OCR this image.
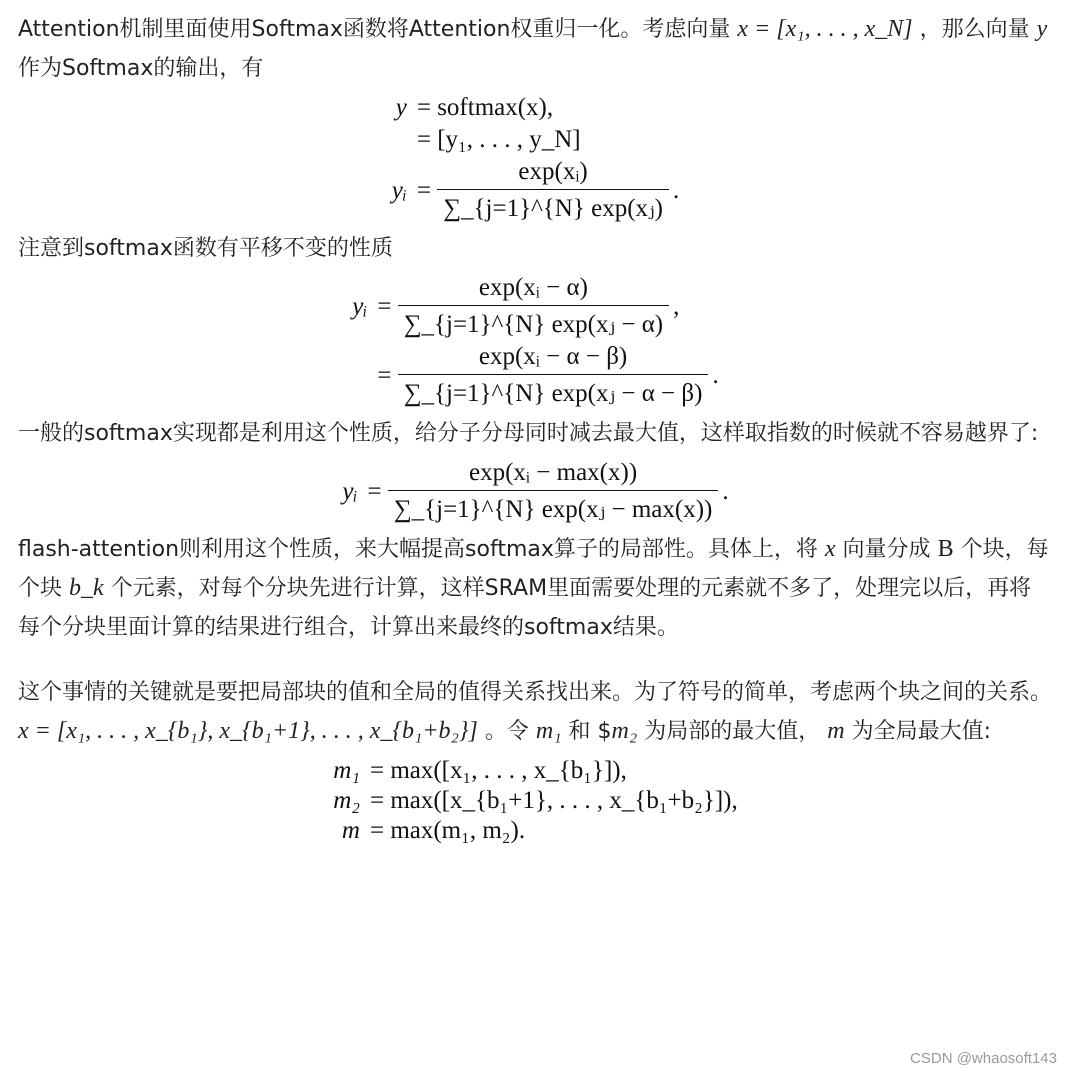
Attention机制里面使用Softmax函数将Attention权重归一化。考虑向量 x = [x₁, . . . , x_N] ，那么向量 y 作为Softmax的输出，有

y = softmax(x),
= [y₁, . . . , y_N]
yᵢ =
$\frac{\text{exp(xᵢ)}}{\text{∑\_\{j=1\}\textasciicircum{}\{N\} exp(xⱼ)}}$ .

注意到softmax函数有平移不变的性质

yᵢ =
$\frac{\text{exp(xᵢ − α)}}{\text{∑\_\{j=1\}\textasciicircum{}\{N\} exp(xⱼ − α)}}$ ,
=
$\frac{\text{exp(xᵢ − α − β)}}{\text{∑\_\{j=1\}\textasciicircum{}\{N\} exp(xⱼ − α − β)}}$ .

一般的softmax实现都是利用这个性质，给分子分母同时减去最大值，这样取指数的时候就不容易越界了:

yᵢ =
$\frac{\text{exp(xᵢ − max(x))}}{\text{∑\_\{j=1\}\textasciicircum{}\{N\} exp(xⱼ − max(x))}}$ .

flash-attention则利用这个性质，来大幅提高softmax算子的局部性。具体上，将 x 向量分成 B 个块，每个块 b_k 个元素，对每个分块先进行计算，这样SRAM里面需要处理的元素就不多了，处理完以后，再将每个分块里面计算的结果进行组合，计算出来最终的softmax结果。

这个事情的关键就是要把局部块的值和全局的值得关系找出来。为了符号的简单，考虑两个块之间的关系。 x = [x₁, . . . , x_{b₁}, x_{b₁+1}, . . . , x_{b₁+b₂}] 。令 m₁ 和 $m₂ 为局部的最大值， m 为全局最大值:

m₁ = max([x₁, . . . , x_{b₁}]),
m₂ = max([x_{b₁+1}, . . . , x_{b₁+b₂}]),
m = max(m₁, m₂).
CSDN @whaosoft143
